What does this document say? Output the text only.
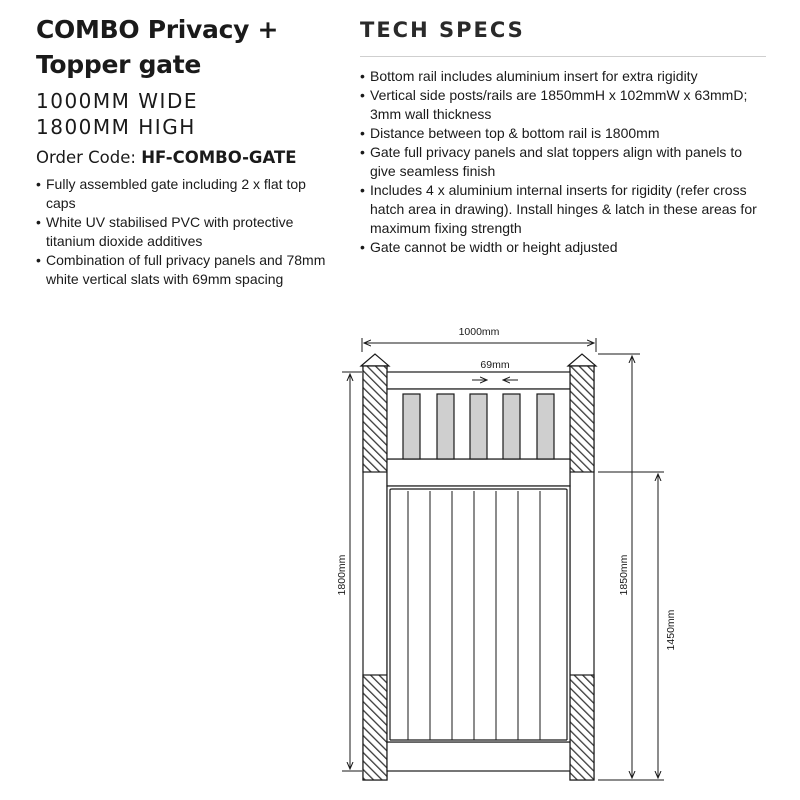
COMBO Privacy +
Topper gate
1000MM WIDE
1800MM HIGH
Order Code: HF-COMBO-GATE
• Fully assembled gate including 2 x flat top caps
• White UV stabilised PVC with protective titanium dioxide additives
• Combination of full privacy panels and 78mm white vertical slats with 69mm spacing
TECH SPECS
• Bottom rail includes aluminium insert for extra rigidity
• Vertical side posts/rails are 1850mmH x 102mmW x 63mmD; 3mm wall thickness
• Distance between top & bottom rail is 1800mm
• Gate full privacy panels and slat toppers align with panels to give seamless finish
• Includes 4 x aluminium internal inserts for rigidity (refer cross hatch area in drawing). Install hinges & latch in these areas for maximum fixing strength
• Gate cannot be width or height adjusted
1000mm
69mm
1800mm	1850mm
1450mm
